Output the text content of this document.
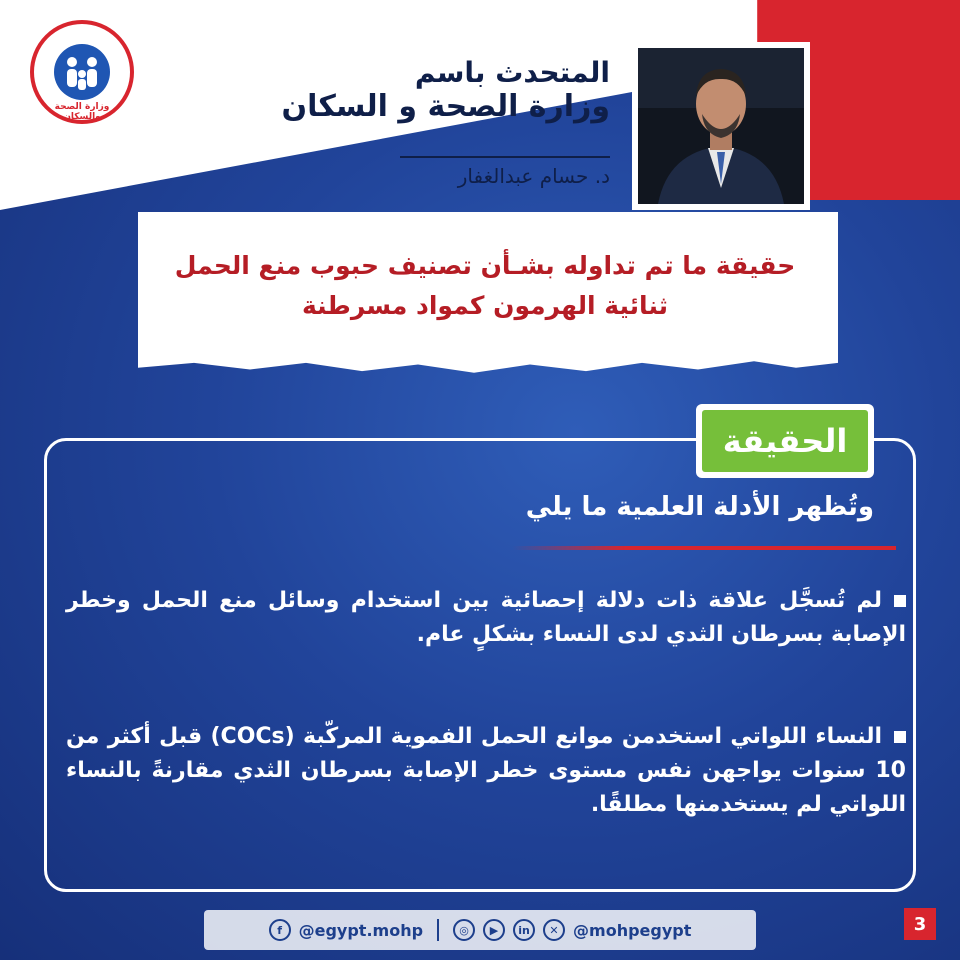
وزارة الصحة والسكان
المتحدث باسم
وزارة الصحة و السكان
د. حسام عبدالغفار
حقيقة ما تم تداوله بشـأن تصنيف حبوب منع الحمل
ثنائية الهرمون كمواد مسرطنة
الحقيقة
وتُظهر الأدلة العلمية ما يلي
لم تُسجَّل علاقة ذات دلالة إحصائية بين استخدام وسائل منع الحمل وخطر الإصابة بسرطان الثدي لدى النساء بشكلٍ عام.
النساء اللواتي استخدمن موانع الحمل الفموية المركّبة (COCs) قبل أكثر من 10 سنوات يواجهن نفس مستوى خطر الإصابة بسرطان الثدي مقارنةً بالنساء اللواتي لم يستخدمنها مطلقًا.
f	@egypt.mohp	◎	▶	in	✕ @mohpegypt	3
